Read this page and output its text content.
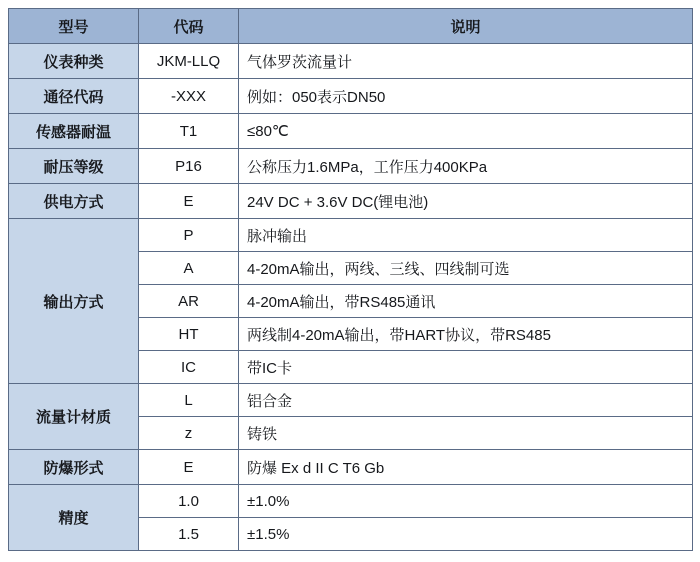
型号	代码	说明
仪表种类	JKM-LLQ	气体罗茨流量计
通径代码	-XXX	例如：050表示DN50
传感器耐温	T1	≤80℃
耐压等级	P16	公称压力1.6MPa，工作压力400KPa
供电方式	E	24V DC + 3.6V DC(锂电池)
输出方式	P	脉冲输出
	A	4-20mA输出，两线、三线、四线制可选
	AR	4-20mA输出，带RS485通讯
	HT	两线制4-20mA输出，带HART协议，带RS485
	IC	带IC卡
流量计材质	L	铝合金
	z	铸铁
防爆形式	E	防爆 Ex d II C T6 Gb
精度	1.0	±1.0%
	1.5	±1.5%
